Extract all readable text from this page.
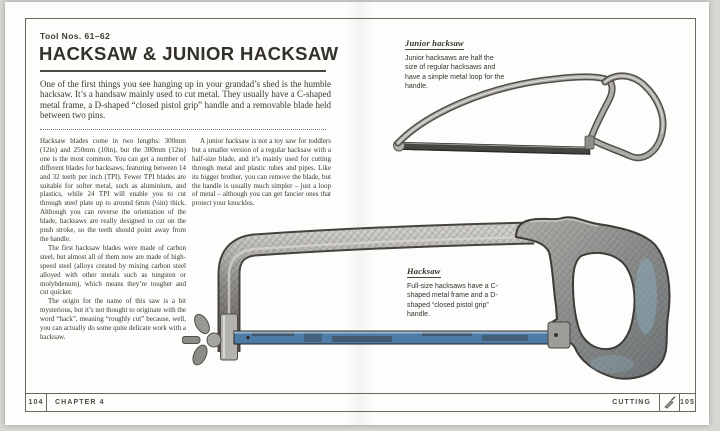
104	CHAPTER 4	CUTTING	105
Tool Nos. 61–62
HACKSAW & JUNIOR HACKSAW
One of the first things you see hanging up in your grandad’s shed is the humble hacksaw. It’s a handsaw mainly used to cut metal. They usually have a C-shaped metal frame, a D-shaped “closed pistol grip” handle and a removable blade held between two pins.

Hacksaw blades come in two lengths: 300mm (12in) and 250mm (10in), but the 300mm (12in) one is the most common. You can get a number of different blades for hacksaws, featuring between 14 and 32 teeth per inch (TPI). Fewer TPI blades are suitable for softer metal, such as aluminium, and plastics, while 24 TPI will enable you to cut through steel plate up to around 6mm (¼in) thick. Although you can reverse the orientation of the blade, hacksaws are really designed to cut on the push stroke, so the teeth should point away from the handle.

The first hacksaw blades were made of carbon steel, but almost all of them now are made of high-speed steel (alloys created by mixing carbon steel alloyed with other metals such as tungsten or molybdenum), which means they’re tougher and cut quicker.

The origin for the name of this saw is a bit mysterious, but it’s not thought to originate with the word “hack”, meaning “roughly cut” because, well, you can actually do some quite delicate work with a hacksaw.

A junior hacksaw is not a toy saw for toddlers but a smaller version of a regular hacksaw with a half-size blade, and it’s mainly used for cutting through metal and plastic tubes and pipes. Like its bigger brother, you can remove the blade, but the handle is usually much simpler – just a loop of metal – although you can get fancier ones that protect your knuckles.

Junior hacksaw

Junior hacksaws are half the size of regular hacksaws and have a simple metal loop for the handle.

Hacksaw

Full-size hacksaws have a C-shaped metal frame and a D-shaped “closed pistol grip” handle.
